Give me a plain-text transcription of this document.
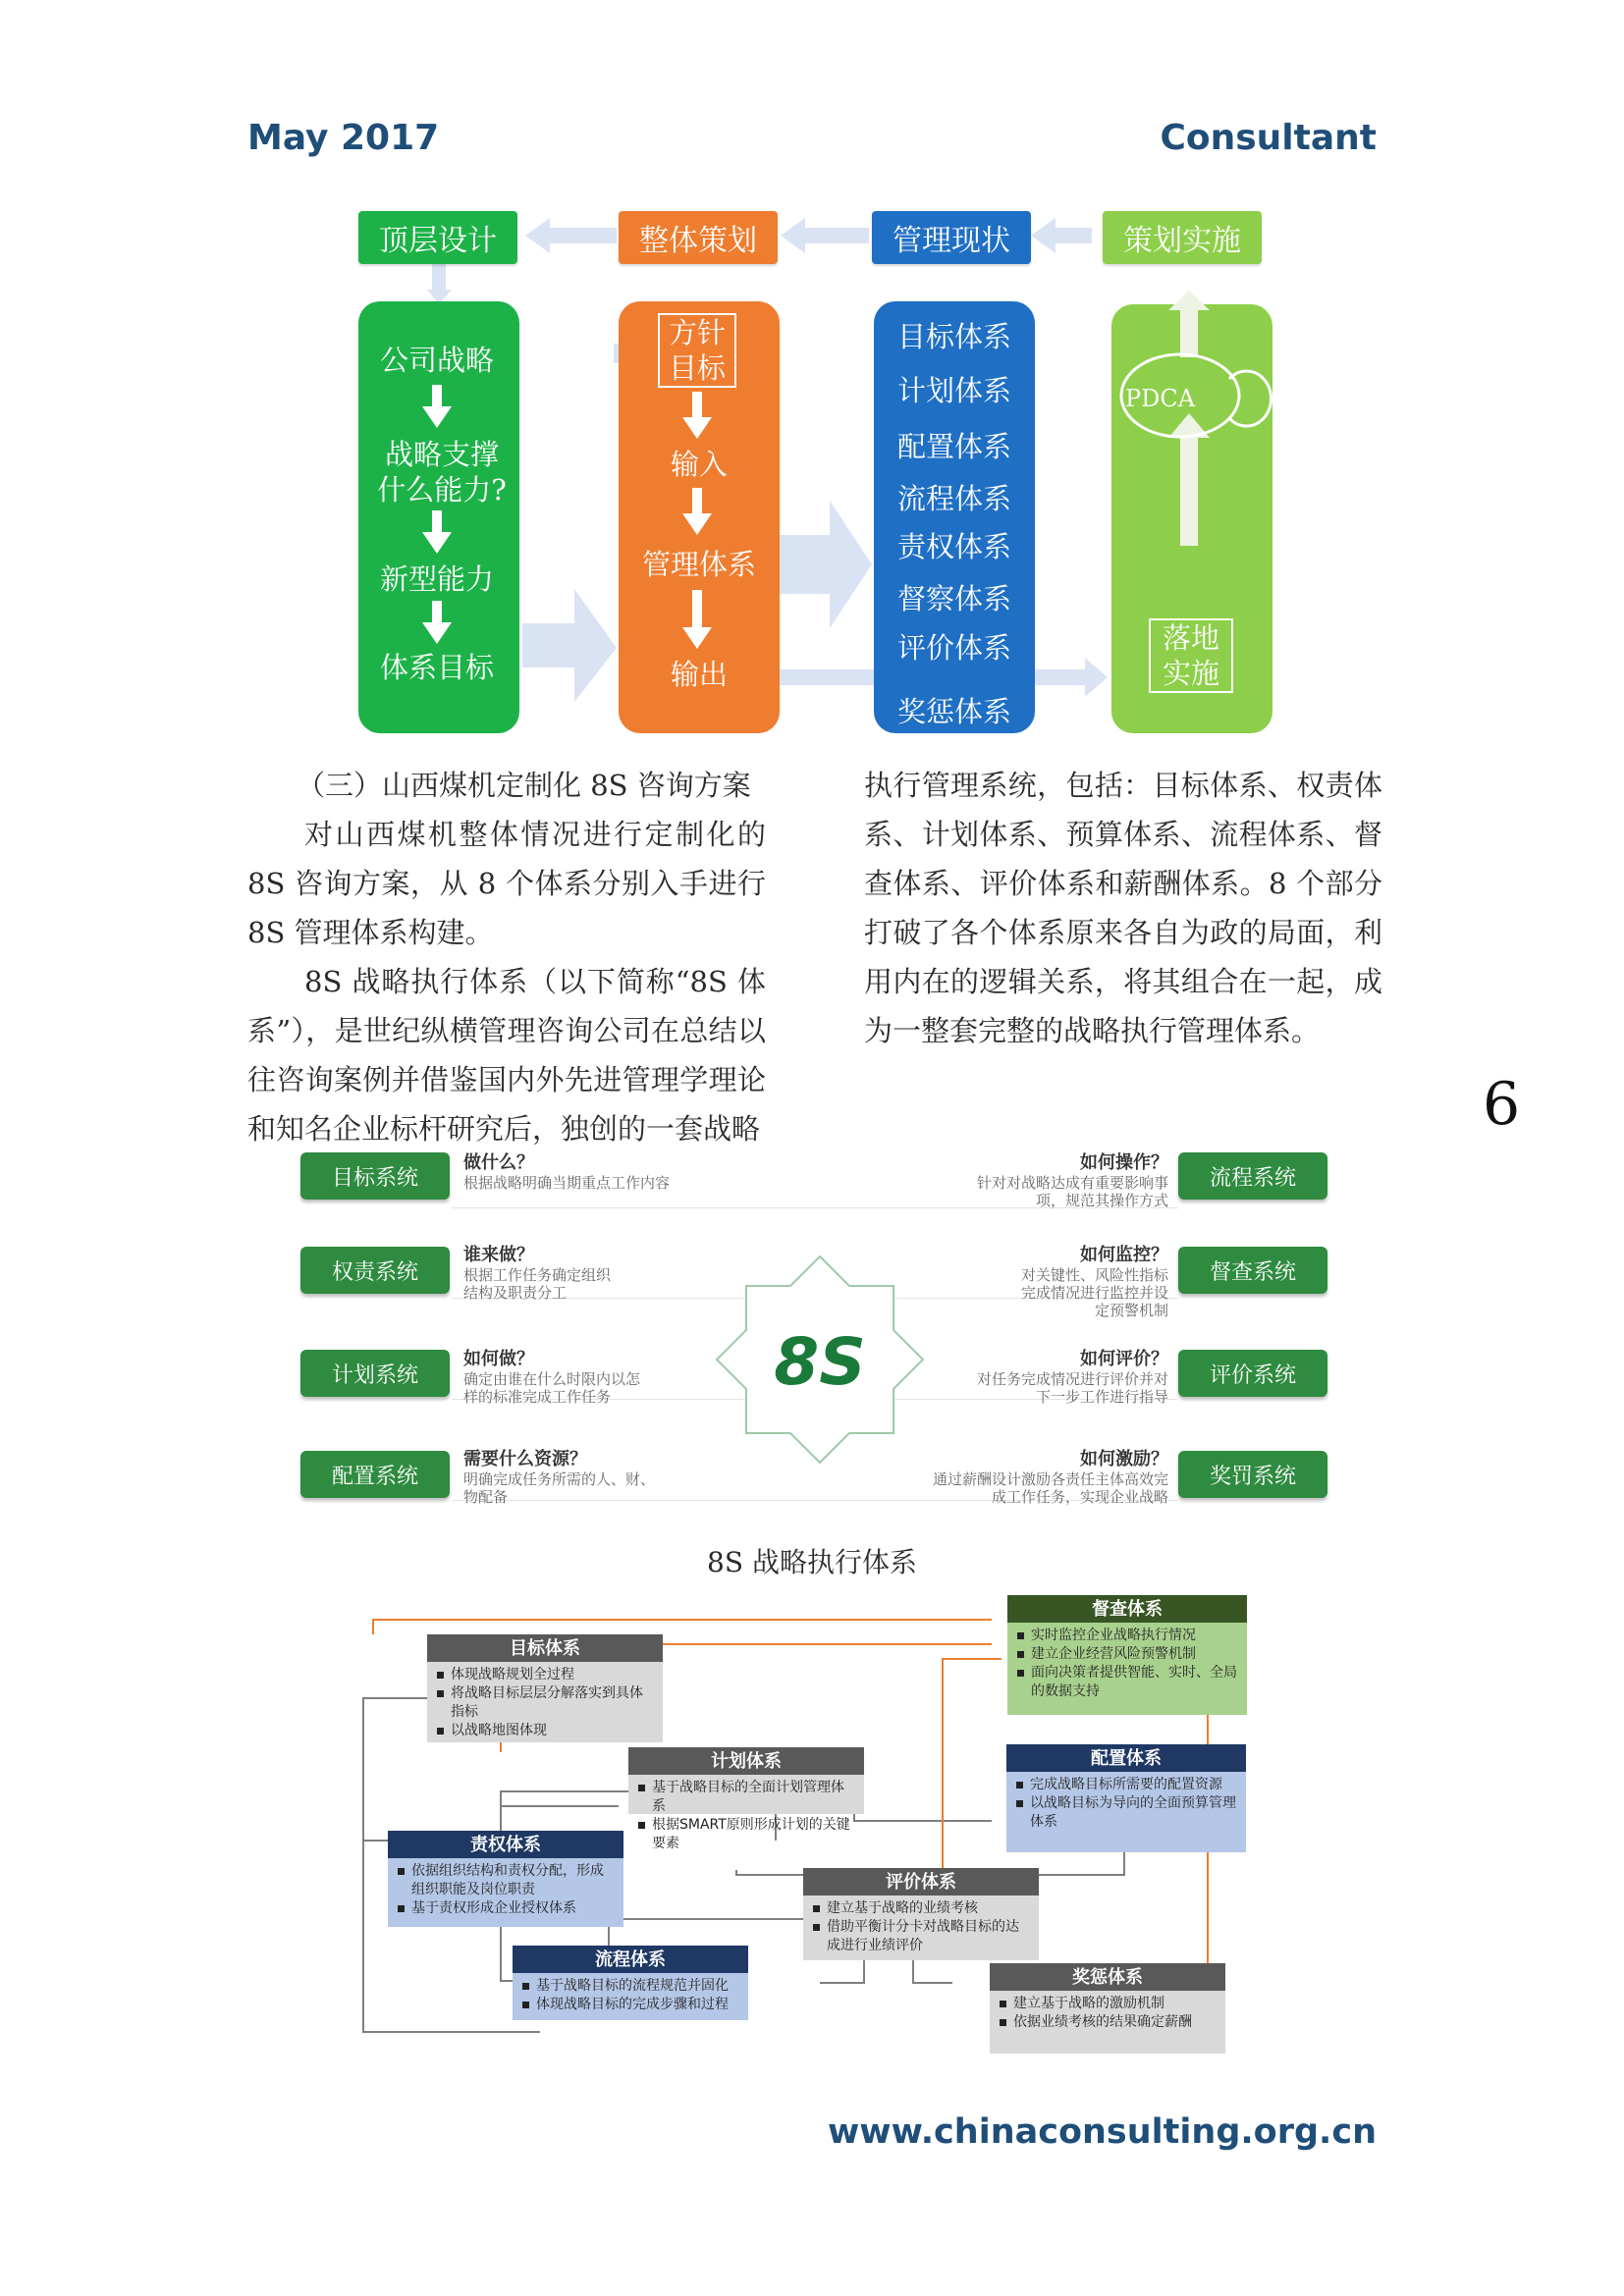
May 2017	Consultant
顶层设计	整体策划	管理现状	策划实施
公司战略
战略支撑
什么能力?
新型能力
体系目标
方针
目标
输入
管理体系
输出
目标体系
计划体系
配置体系
流程体系
责权体系
督察体系
评价体系
奖惩体系
PDCA
落地
实施

（三）山西煤机定制化 8S 咨询方案

对山西煤机整体情况进行定制化的 8S 咨询方案，从 8 个体系分别入手进行 8S 管理体系构建。

8S 战略执行体系（以下简称“8S 体系”），是世纪纵横管理咨询公司在总结以往咨询案例并借鉴国内外先进管理学理论和知名企业标杆研究后，独创的一套战略

执行管理系统，包括：目标体系、权责体系、计划体系、预算体系、流程体系、督查体系、评价体系和薪酬体系。8 个部分打破了各个体系原来各自为政的局面，利用内在的逻辑关系，将其组合在一起，成为一整套完整的战略执行管理体系。

6
8S
目标系统
做什么？
根据战略明确当期重点工作内容
权责系统
谁来做？
根据工作任务确定组织
结构及职责分工
计划系统
如何做？
确定由谁在什么时限内以怎
样的标准完成工作任务
配置系统
需要什么资源？
明确完成任务所需的人、财、
物配备
流程系统
如何操作？
针对对战略达成有重要影响事
项，规范其操作方式
督查系统
如何监控？
对关键性、风险性指标
完成情况进行监控并设
定预警机制
评价系统
如何评价？
对任务完成情况进行评价并对
下一步工作进行指导
奖罚系统
如何激励？
通过薪酬设计激励各责任主体高效完
成工作任务，实现企业战略
8S 战略执行体系
目标体系
体现战略规划全过程
将战略目标层层分解落实到具体指标
以战略地图体现
督查体系
实时监控企业战略执行情况
建立企业经营风险预警机制
面向决策者提供智能、实时、全局的数据支持
计划体系
基于战略目标的全面计划管理体系
根据SMART原则形成计划的关键要素
配置体系
完成战略目标所需要的配置资源
以战略目标为导向的全面预算管理体系
责权体系
依据组织结构和责权分配，形成组织职能及岗位职责
基于责权形成企业授权体系
评价体系
建立基于战略的业绩考核
借助平衡计分卡对战略目标的达成进行业绩评价
流程体系
基于战略目标的流程规范并固化
体现战略目标的完成步骤和过程
奖惩体系
建立基于战略的激励机制
依据业绩考核的结果确定薪酬
www.chinaconsulting.org.cn
